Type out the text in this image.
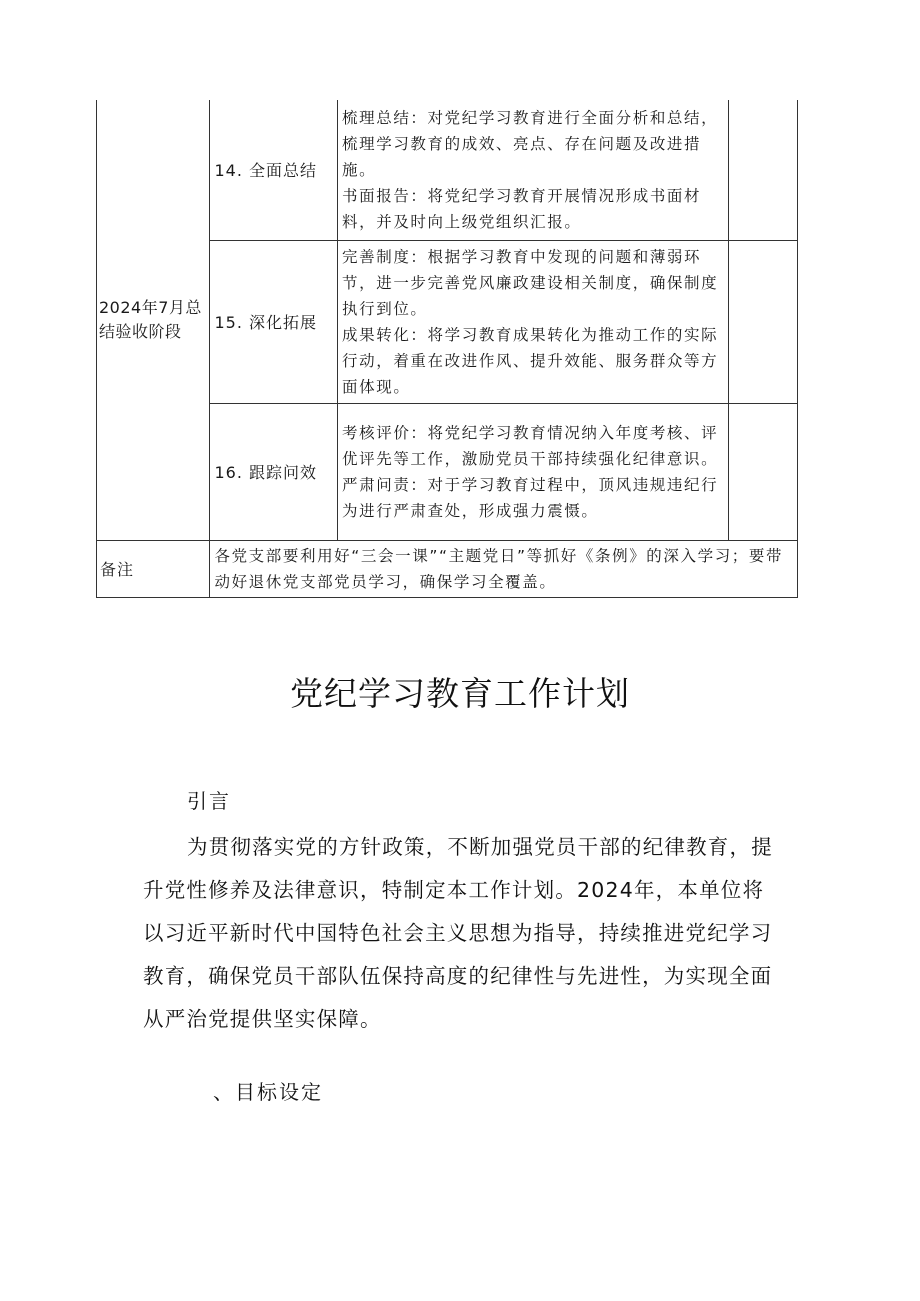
2024年7月总结验收阶段	14. 全面总结	梳理总结：对党纪学习教育进行全面分析和总结，梳理学习教育的成效、亮点、存在问题及改进措施。

书面报告：将党纪学习教育开展情况形成书面材料，并及时向上级党组织汇报。	

	15. 深化拓展	完善制度：根据学习教育中发现的问题和薄弱环节，进一步完善党风廉政建设相关制度，确保制度执行到位。

成果转化：将学习教育成果转化为推动工作的实际行动，着重在改进作风、提升效能、服务群众等方面体现。	

	16. 跟踪问效	考核评价：将党纪学习教育情况纳入年度考核、评优评先等工作，激励党员干部持续强化纪律意识。

严肃问责：对于学习教育过程中，顶风违规违纪行为进行严肃查处，形成强力震慑。	

备注	各党支部要利用好“三会一课”“主题党日”等抓好《条例》的深入学习；要带动好退休党支部党员学习，确保学习全覆盖。		
党纪学习教育工作计划
引言
为贯彻落实党的方针政策，不断加强党员干部的纪律教育，提升党性修养及法律意识，特制定本工作计划。2024年，本单位将以习近平新时代中国特色社会主义思想为指导，持续推进党纪学习教育，确保党员干部队伍保持高度的纪律性与先进性，为实现全面从严治党提供坚实保障。
、目标设定
